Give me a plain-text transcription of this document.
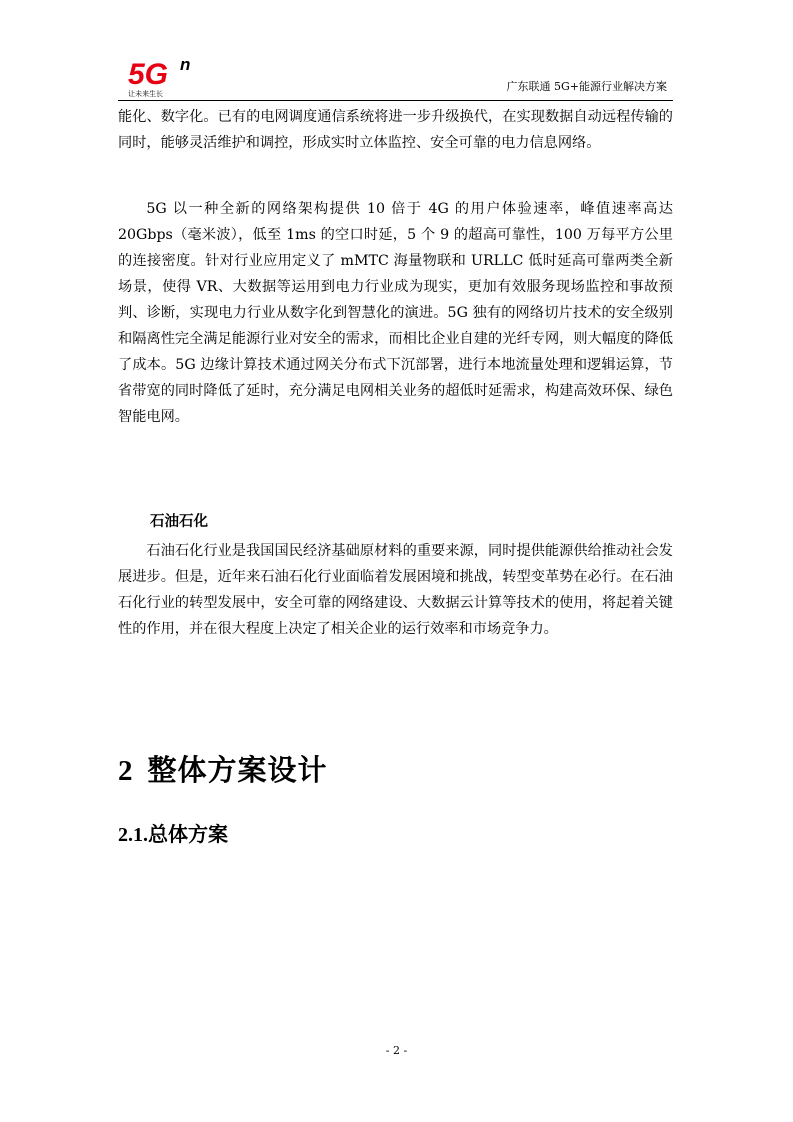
5G n
让未来生长
广东联通 5G+能源行业解决方案
能化、数字化。已有的电网调度通信系统将进一步升级换代，在实现数据自动远程传输的同时，能够灵活维护和调控，形成实时立体监控、安全可靠的电力信息网络。
5G 以一种全新的网络架构提供 10 倍于 4G 的用户体验速率，峰值速率高达 20Gbps（毫米波），低至 1ms 的空口时延，5 个 9 的超高可靠性，100 万每平方公里的连接密度。针对行业应用定义了 mMTC 海量物联和 URLLC 低时延高可靠两类全新场景，使得 VR、大数据等运用到电力行业成为现实，更加有效服务现场监控和事故预判、诊断，实现电力行业从数字化到智慧化的演进。5G 独有的网络切片技术的安全级别和隔离性完全满足能源行业对安全的需求，而相比企业自建的光纤专网，则大幅度的降低了成本。5G 边缘计算技术通过网关分布式下沉部署，进行本地流量处理和逻辑运算，节省带宽的同时降低了延时，充分满足电网相关业务的超低时延需求，构建高效环保、绿色智能电网。
石油石化
石油石化行业是我国国民经济基础原材料的重要来源，同时提供能源供给推动社会发展进步。但是，近年来石油石化行业面临着发展困境和挑战，转型变革势在必行。在石油石化行业的转型发展中，安全可靠的网络建设、大数据云计算等技术的使用，将起着关键性的作用，并在很大程度上决定了相关企业的运行效率和市场竞争力。
2 整体方案设计
2.1.总体方案
- 2 -
